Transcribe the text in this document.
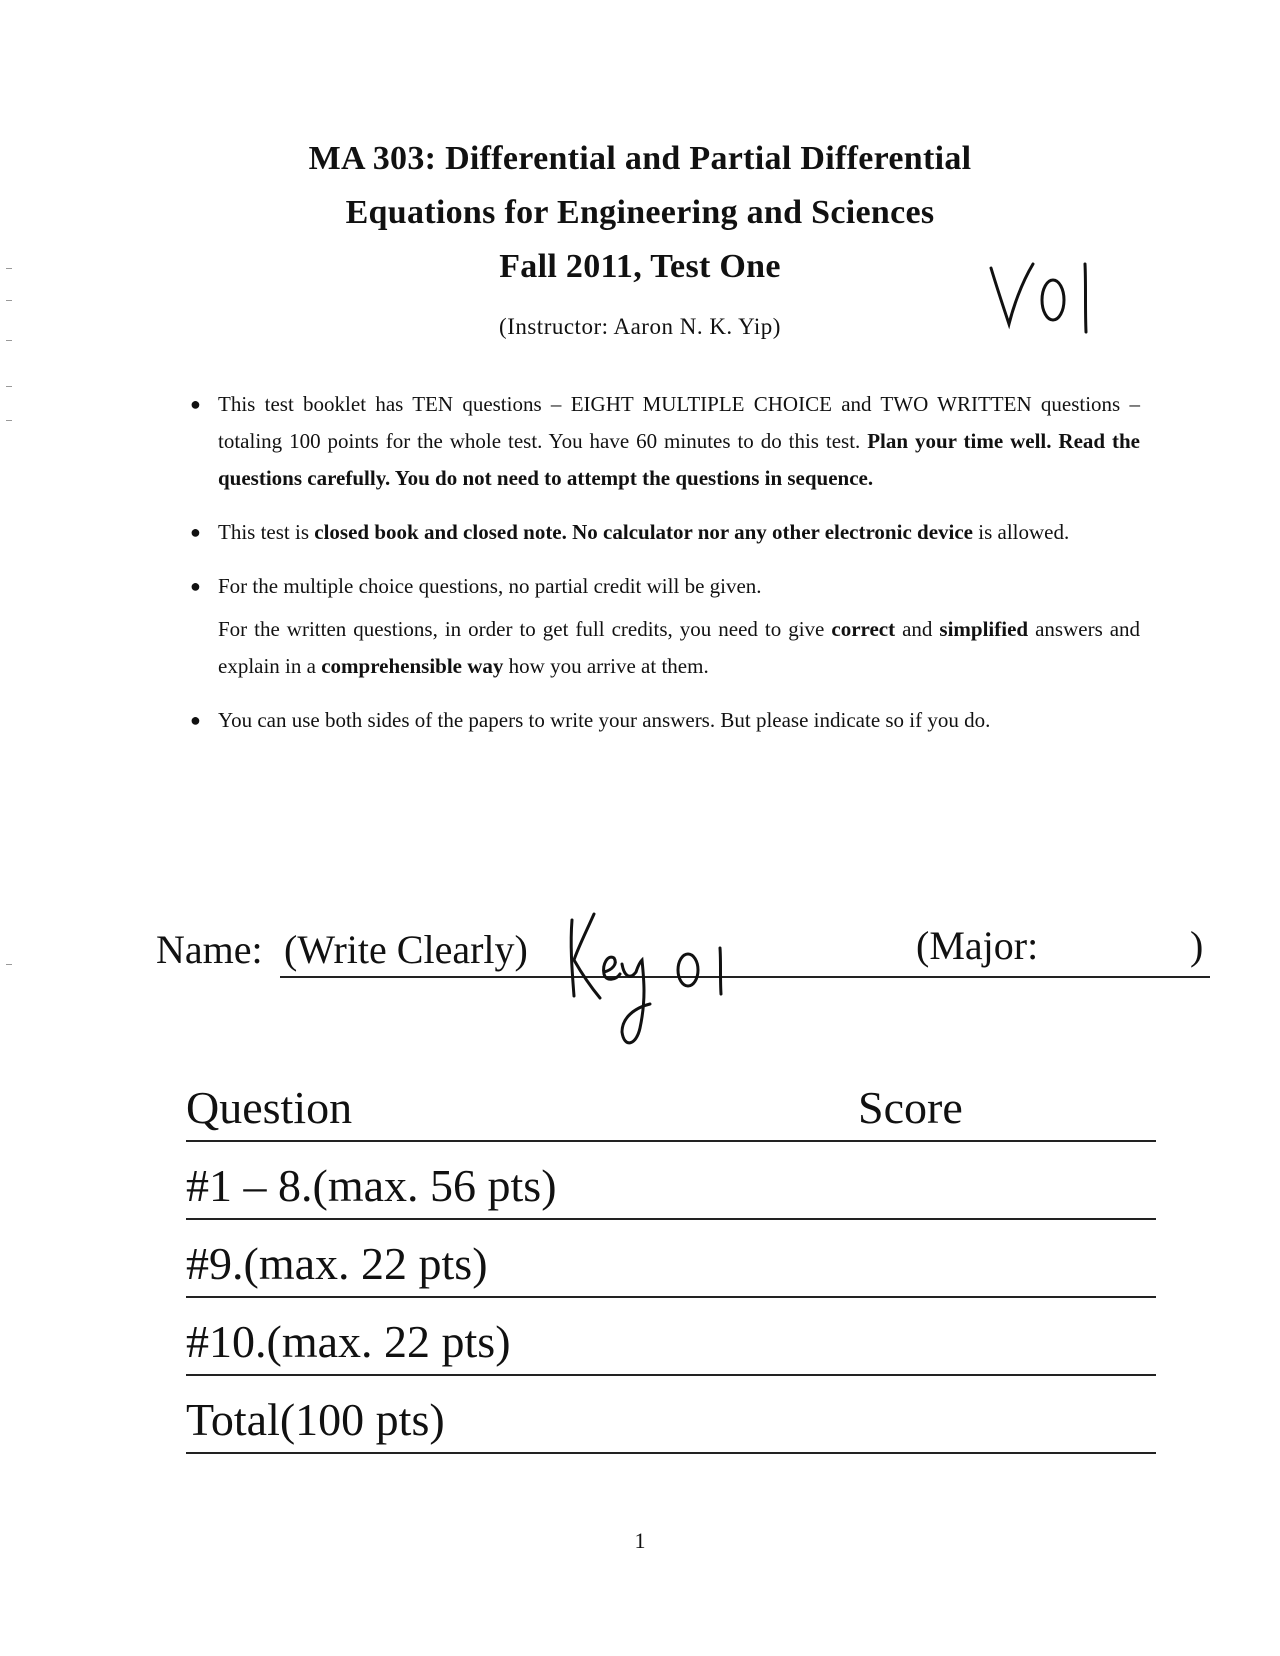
MA 303: Differential and Partial Differential
Equations for Engineering and Sciences
Fall 2011, Test One
(Instructor: Aaron N. K. Yip)
● This test booklet has TEN questions – EIGHT MULTIPLE CHOICE and TWO WRITTEN questions – totaling 100 points for the whole test. You have 60 minutes to do this test. Plan your time well. Read the questions carefully. You do not need to attempt the questions in sequence.

● This test is closed book and closed note. No calculator nor any other electronic device is allowed.

● For the multiple choice questions, no partial credit will be given.

For the written questions, in order to get full credits, you need to give correct and simplified answers and explain in a comprehensible way how you arrive at them.

● You can use both sides of the papers to write your answers. But please indicate so if you do.

Name: (Write Clearly)	(Major:	)
Question	Score
#1 – 8.(max. 56 pts)
#9.(max. 22 pts)
#10.(max. 22 pts)
Total(100 pts)
1
